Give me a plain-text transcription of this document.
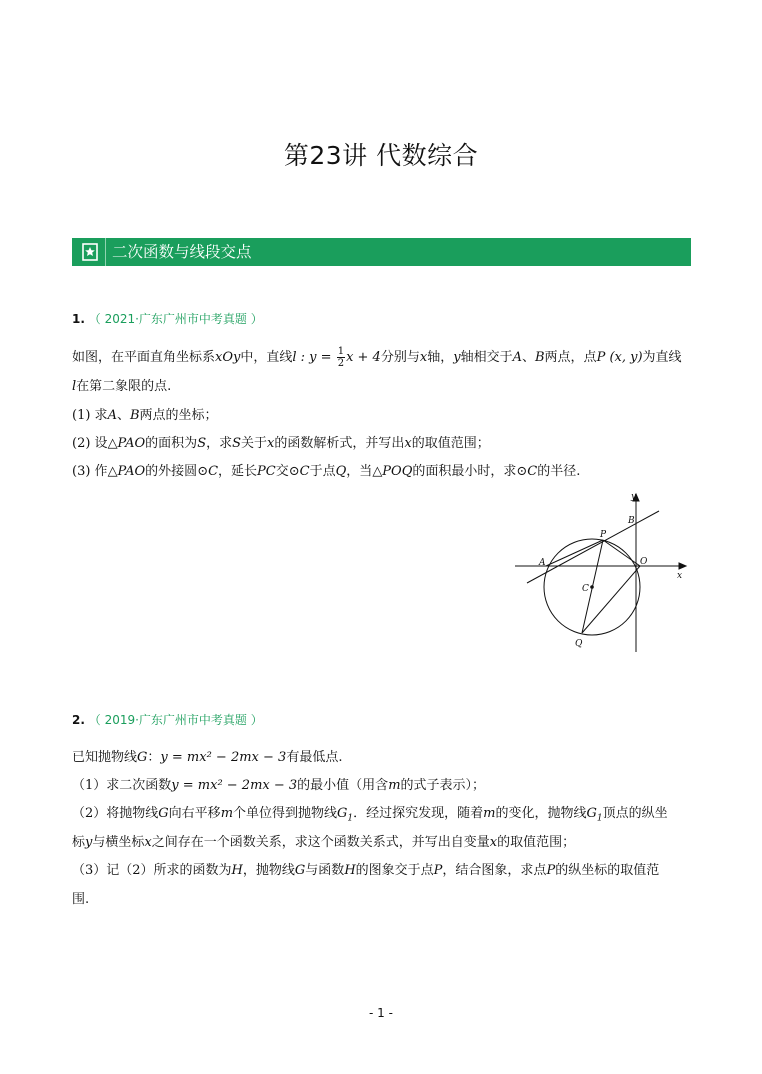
第23讲 代数综合
二次函数与线段交点
1. （ 2021·广东广州市中考真题 ）
如图，在平面直角坐标系xOy中，直线l : $y = \frac{1}{2}$ x + 4分别与x轴，y轴相交于A、B两点，点P (x, y)为直线
l在第二象限的点.
(1) 求A、B两点的坐标；
(2) 设△PAO的面积为S，求S关于x的函数解析式，并写出x的取值范围；
(3) 作△PAO的外接圆⊙C，延长PC交⊙C于点Q，当△POQ的面积最小时，求⊙C的半径.
y
x
B
P
A	O
C
Q
2. （ 2019·广东广州市中考真题 ）
已知抛物线G：y = mx² − 2mx − 3有最低点.
（1）求二次函数y = mx² − 2mx − 3的最小值（用含m的式子表示）；
（2）将抛物线G向右平移m个单位得到抛物线$G_1$．经过探究发现，随着m的变化，抛物线$G_1$顶点的纵坐
标y与横坐标x之间存在一个函数关系，求这个函数关系式，并写出自变量x的取值范围；
（3）记（2）所求的函数为H，抛物线G与函数H的图象交于点P，结合图象，求点P的纵坐标的取值范
围.
- 1 -
